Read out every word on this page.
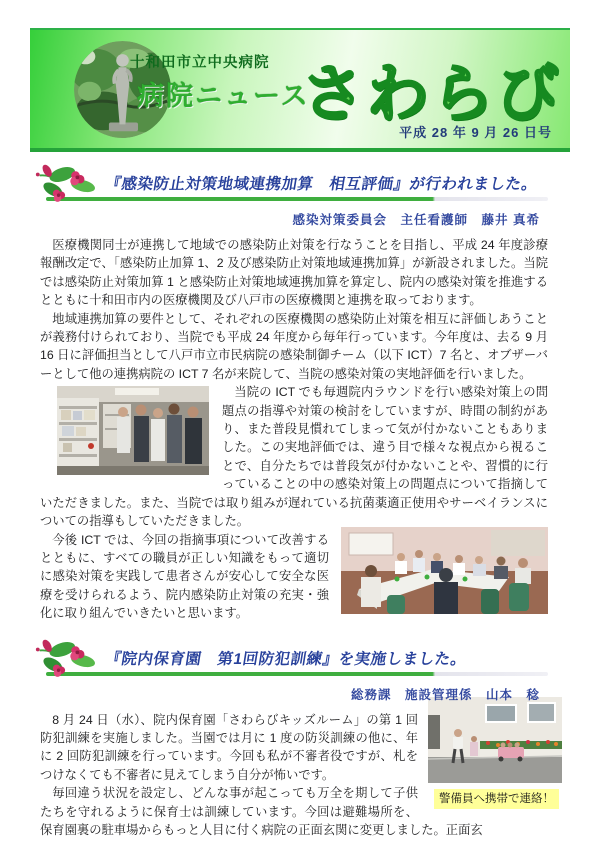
十和田市立中央病院
病院ニュース
さわらび
平成 28 年 9 月 26 日号
『感染防止対策地域連携加算　相互評価』が行われました。
感染対策委員会　主任看護師　藤井 真希

医療機関同士が連携して地域での感染防止対策を行なうことを目指し、平成 24 年度診療報酬改定で、「感染防止加算 1、2 及び感染防止対策地域連携加算」が新設されました。当院では感染防止対策加算 1 と感染防止対策地域連携加算を算定し、院内の感染対策を推進するとともに十和田市内の医療機関及び八戸市の医療機関と連携を取っております。

地域連携加算の要件として、それぞれの医療機関の感染防止対策を相互に評価しあうことが義務付けられており、当院でも平成 24 年度から毎年行っています。今年度は、去る 9 月 16 日に評価担当として八戸市立市民病院の感染制御チーム（以下 ICT）7 名と、オブザーバーとして他の連携病院の ICT 7 名が来院して、当院の感染対策の実地評価を行いました。

当院の ICT でも毎週院内ラウンドを行い感染対策上の問題点の指導や対策の検討をしていますが、時間の制約があり、また普段見慣れてしまって気が付かないこともありました。この実地評価では、違う目で様々な視点から視ることで、自分たちでは普段気が付かないことや、習慣的に行っていることの中の感染対策上の問題点について指摘していただきました。また、当院では取り組みが遅れている抗菌薬適正使用やサーベイランスについての指導もしていただきました。

今後 ICT では、今回の指摘事項について改善するとともに、すべての職員が正しい知識をもって適切に感染対策を実践して患者さんが安心して安全な医療を受けられるよう、院内感染防止対策の充実・強化に取り組んでいきたいと思います。

『院内保育園　第1回防犯訓練』を実施しました。
総務課　施設管理係　山本　稔
警備員へ携帯で連絡！

8 月 24 日（水）、院内保育園「さわらびキッズルーム」の第 1 回防犯訓練を実施しました。当園では月に 1 度の防災訓練の他に、年に 2 回防犯訓練を行っています。今回も私が不審者役ですが、札をつけなくても不審者に見えてしまう自分が怖いです。

毎回違う状況を設定し、どんな事が起こっても万全を期して子供たちを守れるように保育士は訓練しています。今回は避難場所を、保育園裏の駐車場からもっと人目に付く病院の正面玄関に変更しました。正面玄
